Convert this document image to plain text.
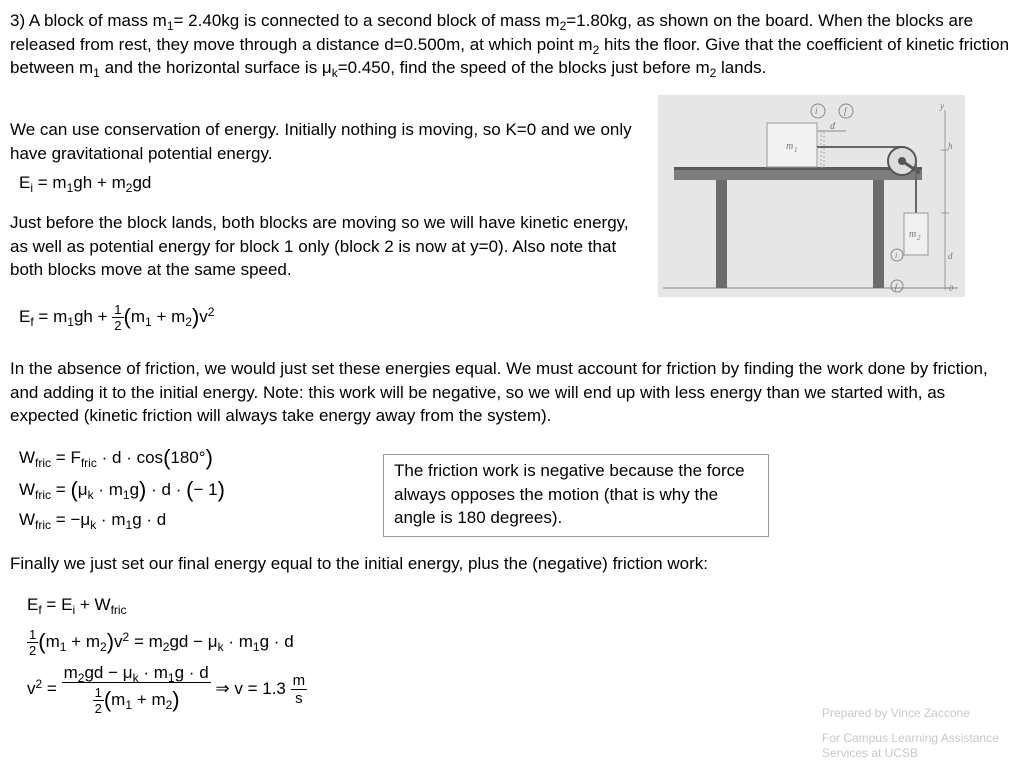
3) A block of mass $m_1= 2.40kg$ is connected to a second block of mass $m_2=1.80kg$, as shown on the board. When the blocks are released from rest, they move through a distance d=0.500m, at which point $m_2$ hits the floor. Give that the coefficient of kinetic friction between $m_1$ and the horizontal surface is $\mu_k=0.450$, find the speed of the blocks just before $m_2$ lands.
We can use conservation of energy. Initially nothing is moving, so K=0 and we only have gravitational potential energy.
$E_i = m_1gh + m_2gd$
Just before the block lands, both blocks are moving so we will have kinetic energy, as well as potential energy for block 1 only (block 2 is now at y=0). Also note that both blocks move at the same speed.
$E_f = m_1gh + \frac{1}{2} (m_1 + m_2)v^2$
In the absence of friction, we would just set these energies equal. We must account for friction by finding the work done by friction, and adding it to the initial energy. Note: this work will be negative, so we will end up with less energy than we started with, as expected (kinetic friction will always take energy away from the system).
$W_{fric} = F_{fric} \cdot d \cdot \cos(180^\circ)$
$W_{fric} = (\mu_k \cdot m_1g) \cdot d$ · (− 1)
$W_{fric} = -\mu_k \cdot m_1g \cdot d$
The friction work is negative because the force always opposes the motion (that is why the angle is 180 degrees).
Finally we just set our final energy equal to the initial energy, plus the (negative) friction work:
$E_f = E_i + W_{fric}$
$\frac{1}{2} (m_1 + m_2)v^2 = m_2gd - \mu_k \cdot m_1g \cdot d$
$v^2 = \frac{m_2gd - \mu_k \cdot m_1g \cdot d}{\frac{1}{2} (m_1 + m_2)}$ ⇒ $v = 1.3 \frac{m}{s}$
i	f
d
m 1
m 2
i
f
y
h
d
0
Prepared by Vince Zaccone
For Campus Learning Assistance Services at UCSB
